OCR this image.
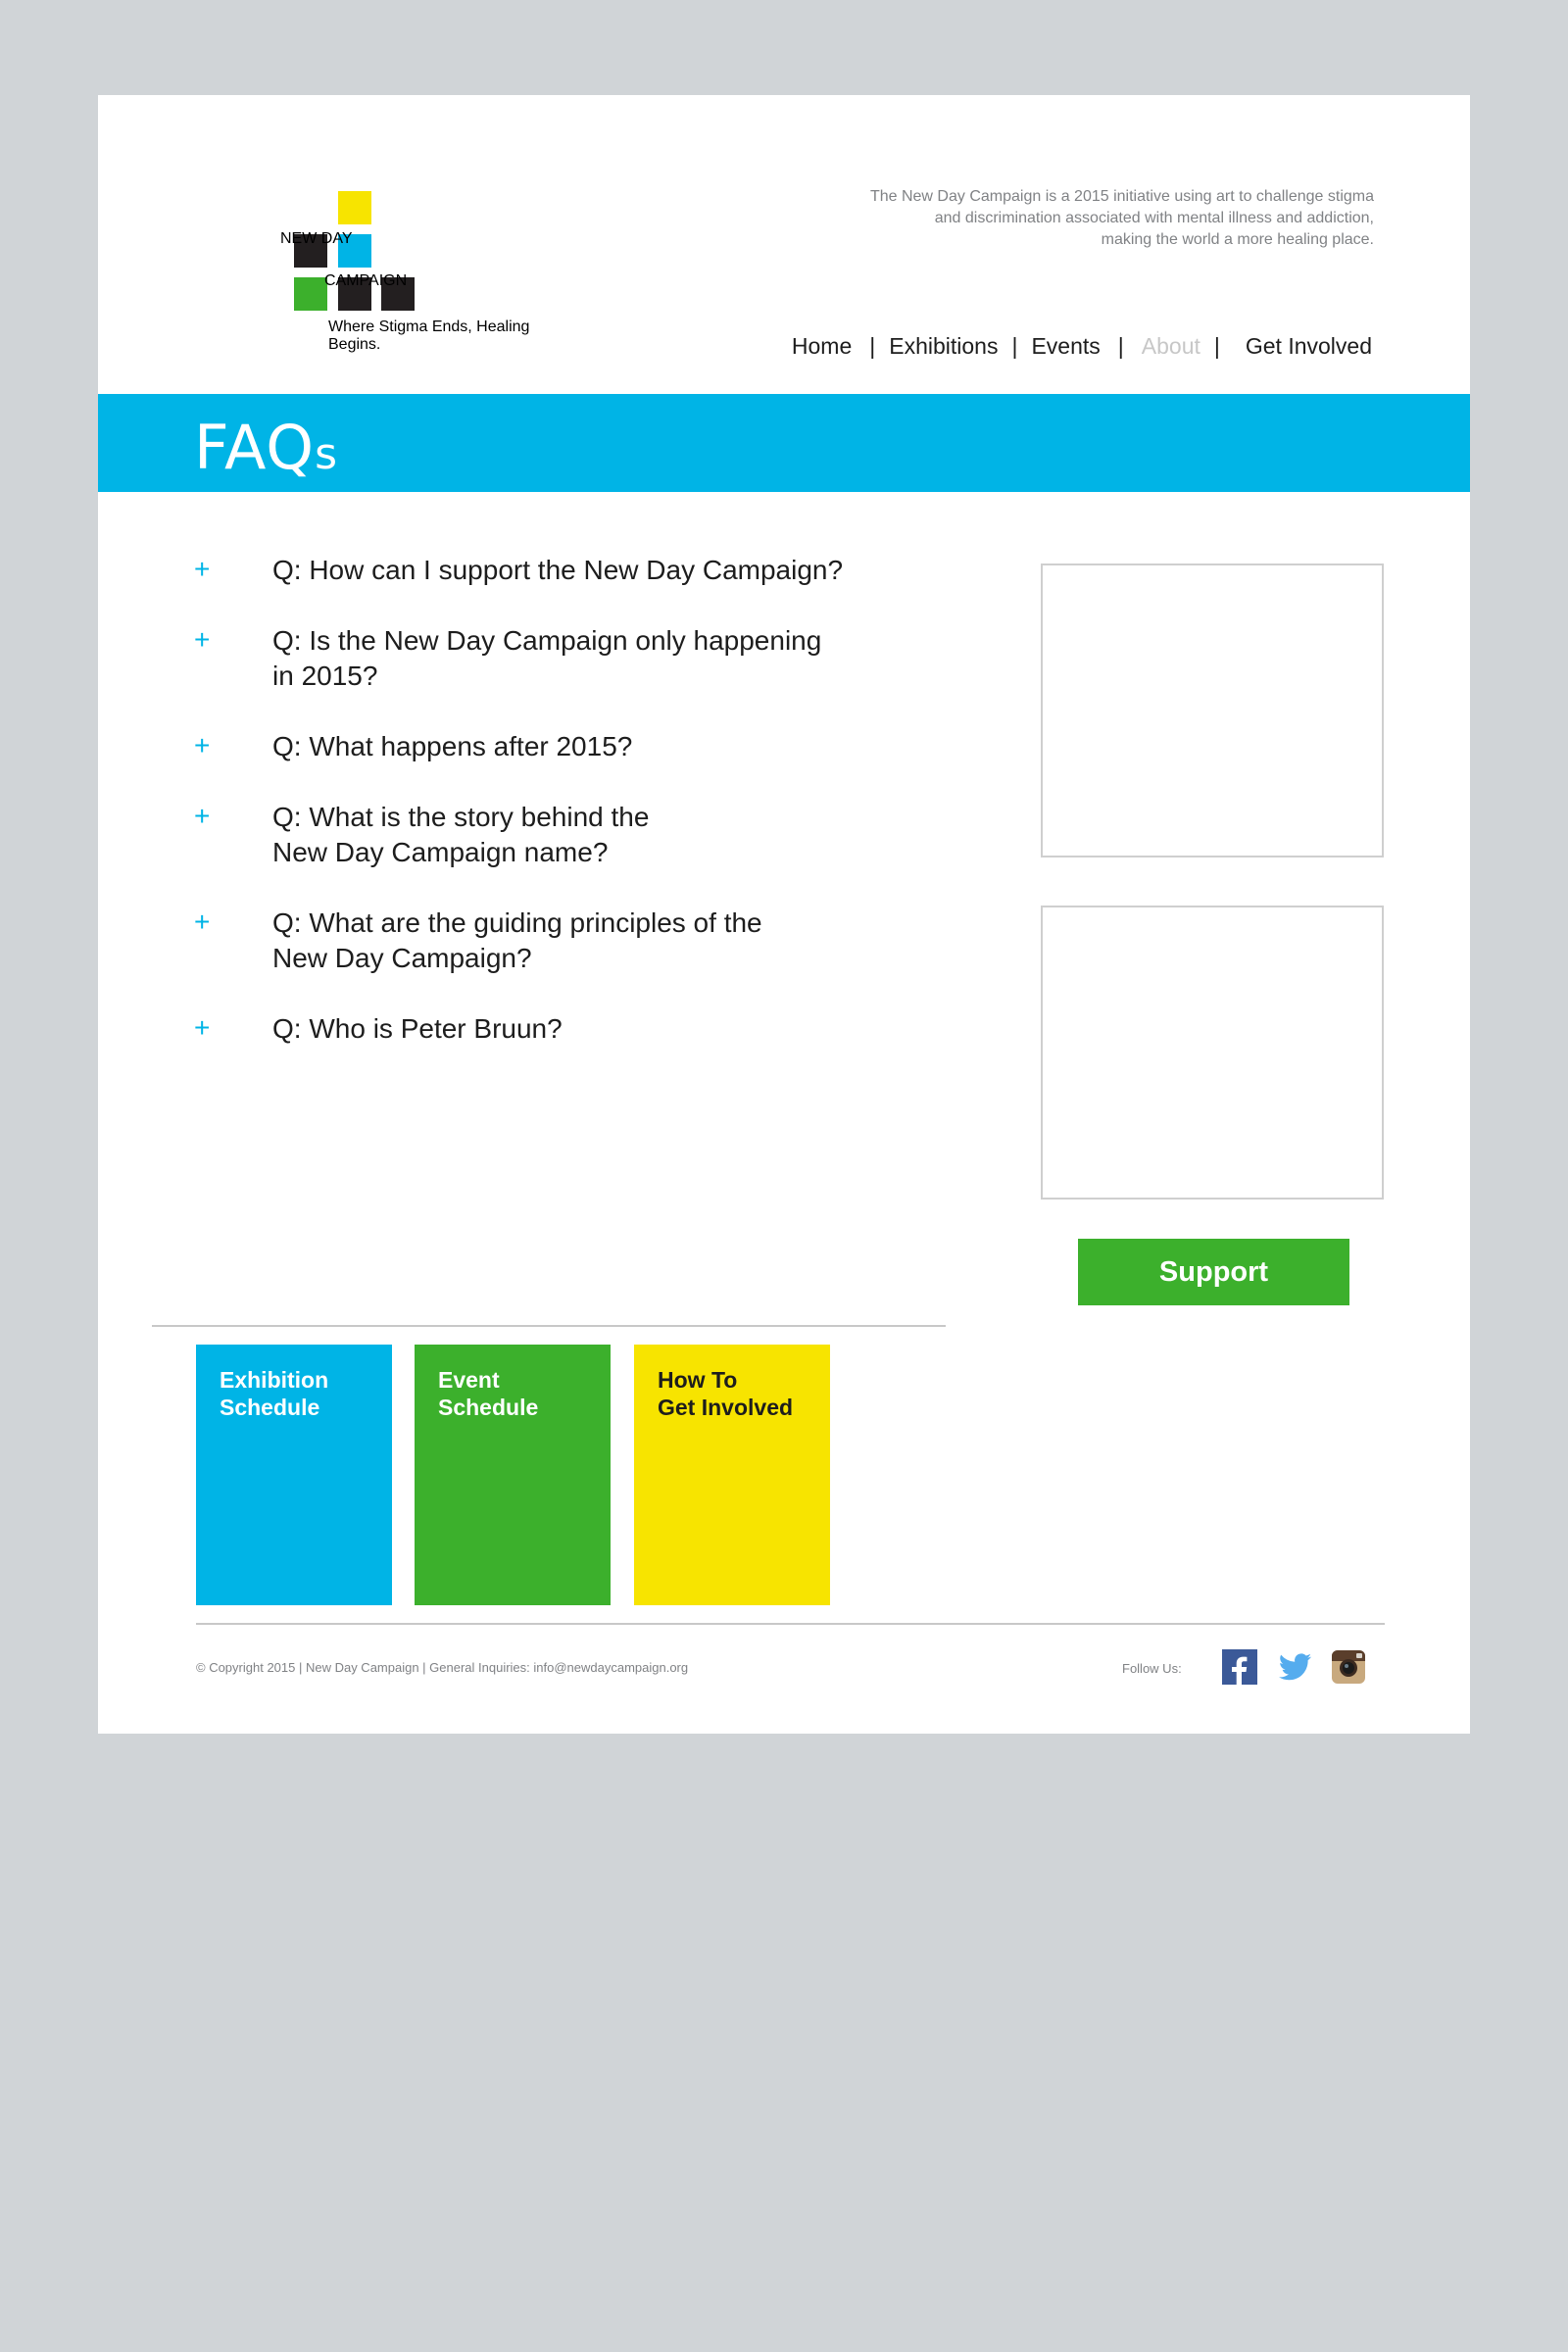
NEW DAY
CAMPAIGN
Where Stigma Ends, Healing Begins.
The New Day Campaign is a 2015 initiative using art to challenge stigma
and discrimination associated with mental illness and addiction,
making the world a more healing place.
Home | Exhibitions | Events | About | Get Involved
FAQs
+ Q: How can I support the New Day Campaign?
+ Q: Is the New Day Campaign only happening
in 2015?
+ Q: What happens after 2015?
+ Q: What is the story behind the
New Day Campaign name?
+ Q: What are the guiding principles of the
New Day Campaign?
+ Q: Who is Peter Bruun?
Support
Exhibition
Schedule
Event
Schedule
How To
Get Involved
© Copyright 2015 | New Day Campaign | General Inquiries: info@newdaycampaign.org	Follow Us:
